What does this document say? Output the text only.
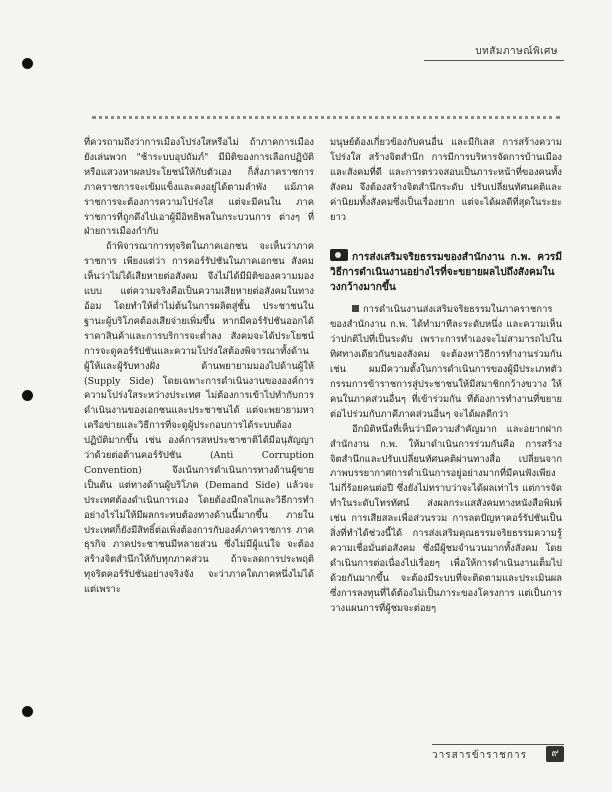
บทสัมภาษณ์พิเศษ

ที่ควรถามถึงว่าการเมืองโปร่งใสหรือไม่ ถ้าภาคการเมืองยังเล่นพวก "ช้าระบบอุปถัมภ์" มีมิติของการเลือกปฏิบัติหรือแสวงหาผลประโยชน์ให้กับตัวเอง ก็สั่งภาคราชการ ภาคราชการจะเข้มแข็งและคงอยู่ได้ตามลำพัง แม้ภาคราชการจะต้องการความโปร่งใส แต่จะมีคนใน ภาคราชการที่ถูกดึงไปเอาผู้มีอิทธิพลในกระบวนการ ต่างๆ ที่ฝ่ายการเมืองกำกับ

ถ้าพิจารณาการทุจริตในภาคเอกชน จะเห็นว่าภาคราชการ เพียงแต่ว่า การคอร์รัปชันในภาคเอกชน สังคมเห็นว่าไม่ได้เสียหายต่อสังคม จึงไม่ได้มีมิติของความมองแบบ แต่ความจริงคือเป็นความเสียหายต่อสังคมในทางอ้อม โดยทำให้ต่ำไม่ต้นในการผลิตสู่ชั้น ประชาชนในฐานะผู้บริโภคต้องเสียจ่ายเพิ่มขึ้น หากมีคอร์รัปชันออกได้ ราคาสินค้าและการบริการจะต่ำลง สังคมจะได้ประโยชน์ การจะดูคอร์รัปชันและความโปร่งใสต้องพิจารณาทั้งด้านผู้ให้และผู้รับทางฝั่ง ด้านพยายามมองไปด้านผู้ให้ (Supply Side) โดยเฉพาะการดำเนินงานขององค์การความโปร่งใสระหว่างประเทศ ไม่ต้องการเข้าไปทำกับการดำเนินงานของเอกชนและประชาชนได้ แต่จะพยายามหาเครือข่ายและวิธีการที่จะดูผู้ประกอบการได้ระบบต้องปฏิบัติมากขึ้น เช่น องค์การสหประชาชาติได้มีอนุสัญญาว่าด้วยต่อต้านคอร์รัปชัน (Anti Corruption Convention) จึงเน้นการดำเนินการทางด้านผู้ขายเป็นต้น แต่ทางด้านผู้บริโภค (Demand Side) แล้วจะประเทศต้องดำเนินการเอง โดยต้องมีกลไกและวิธีการทำอย่างไรไม่ให้มีผลกระทบต้องทางด้านนี้มากขึ้น ภายในประเทศก็ยังมีสิทธิ์ต่อเพิ่งต้องการกับองค์ภาคราชการ ภาคธุรกิจ ภาคประชาชนมีหลายส่วน ซึ่งไม่มีผู้แน่ใจ จะต้องสร้างจิตสำนึกให้กับทุกภาคส่วน ถ้าจะลดการประพฤติทุจริตคอร์รัปชันอย่างจริงจัง จะว่าภาคใดภาคหนึ่งไม่ได้ แต่เพราะ

มนุษย์ต้องเกี่ยวข้องกับคนอื่น และมีกิเลส การสร้างความโปร่งใส สร้างจิตสำนึก การมีการบริหารจัดการบ้านเมืองและสังคมที่ดี และการตรวจสอบเป็นภาระหน้าที่ของคนทั้งสังคม จึงต้องสร้างจิตสำนึกระดับ ปรับเปลี่ยนทัศนคติและค่านิยมทั้งสังคมซึ่งเป็นเรื่องยาก แต่จะได้ผลดีที่สุดในระยะยาว

การส่งเสริมจริยธรรมของสำนักงาน ก.พ. ควรมีวิธีการดำเนินงานอย่างไรที่จะขยายผลไปถึงสังคมในวงกว้างมากขึ้น

การดำเนินงานส่งเสริมจริยธรรมในภาคราชการของสำนักงาน ก.พ. ได้ทำมาทีละระดับหนึ่ง และความเห็นว่าปกติไปที่เป็นระดับ เพราะการทำเองจะไม่สามารถไปในทิศทางเดียวกันของสังคม จะต้องหาวิธีการทำงานร่วมกัน เช่น ผมมีความตั้งในการดำเนินการของผู้มีประเภทตัวกรรมการข้าราชการสู่ประชาชนให้มีสมาชิกกว้างขวาง ให้คนในภาคส่วนอื่นๆ ที่เข้าร่วมกัน ที่ต้องการทำงานที่ขยายต่อไปร่วมกับภาคีภาคส่วนอื่นๆ จะได้ผลดีกว่า

อีกมิติหนึ่งที่เห็นว่ามีความสำคัญมาก และอยากฝากสำนักงาน ก.พ. ให้มาดำเนินการร่วมกันคือ การสร้างจิตสำนึกและปรับเปลี่ยนทัศนคติผ่านทางสื่อ เปลี่ยนจากภาพบรรยากาศการดำเนินการอยู่อย่างมากที่มีคนฟังเพียงไม่กี่ร้อยคนต่อปี ซึ่งยังไม่ทราบว่าจะได้ผลเท่าไร แต่การจัดทำในระดับโทรทัศน์ ส่งผลกระแสสังคมทางหนังสือพิมพ์ เช่น การเสียสละเพื่อส่วนรวม การลดปัญหาคอร์รัปชันเป็นสิ่งที่ทำได้ช่วงนี้ได้ การส่งเสริมคุณธรรมจริยธรรมความรู้ความเชื่อมั่นต่อสังคม ซึ่งมีผู้ชมจำนวนมากทั้งสังคม โดยดำเนินการต่อเนื่องไปเรื่อยๆ เพื่อให้การดำเนินงานเต็มไปด้วยกันมากขึ้น จะต้องมีระบบที่จะติดตามและประเมินผล ซึ่งการลงทุนที่ได้ต้องไม่เป็นภาระของโครงการ แต่เป็นการวางแผนการที่ผู้ชมจะต่อยๆ

วารสารข้าราชการ	๙
